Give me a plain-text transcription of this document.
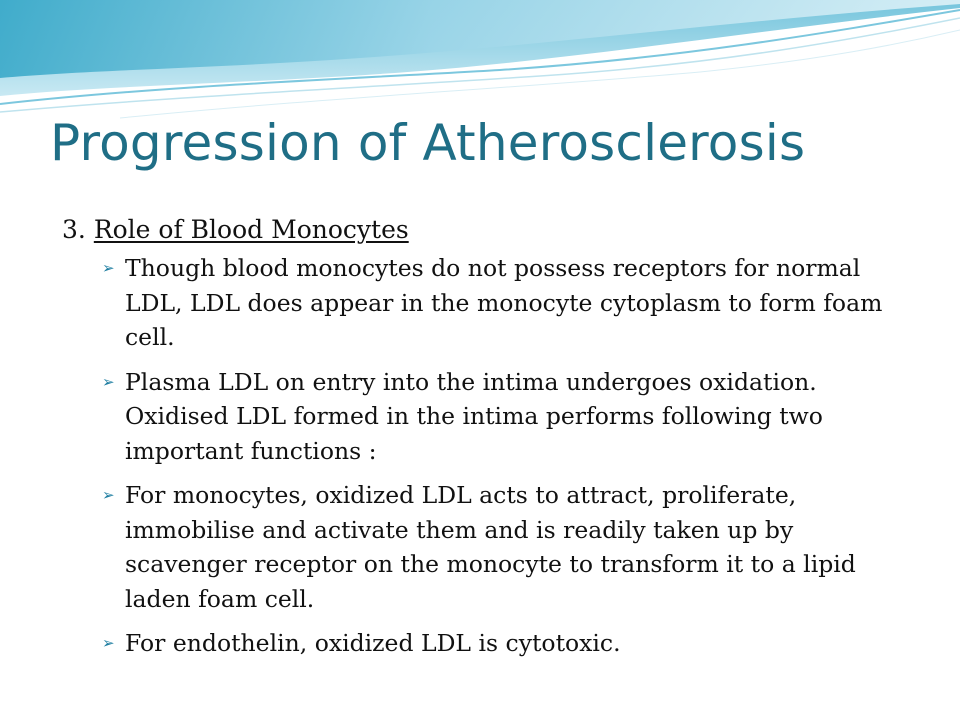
Progression of Atherosclerosis
3. Role of Blood Monocytes
➢ Though blood monocytes do not possess receptors for normal LDL, LDL does appear in the monocyte cytoplasm to form foam cell.
➢ Plasma LDL on entry into the intima undergoes oxidation. Oxidised LDL formed in the intima performs following two important functions :
➢ For monocytes, oxidized LDL acts to attract, proliferate, immobilise and activate them and is readily taken up by scavenger receptor on the monocyte to transform it to a lipid laden foam cell.
➢ For endothelin, oxidized LDL is cytotoxic.
